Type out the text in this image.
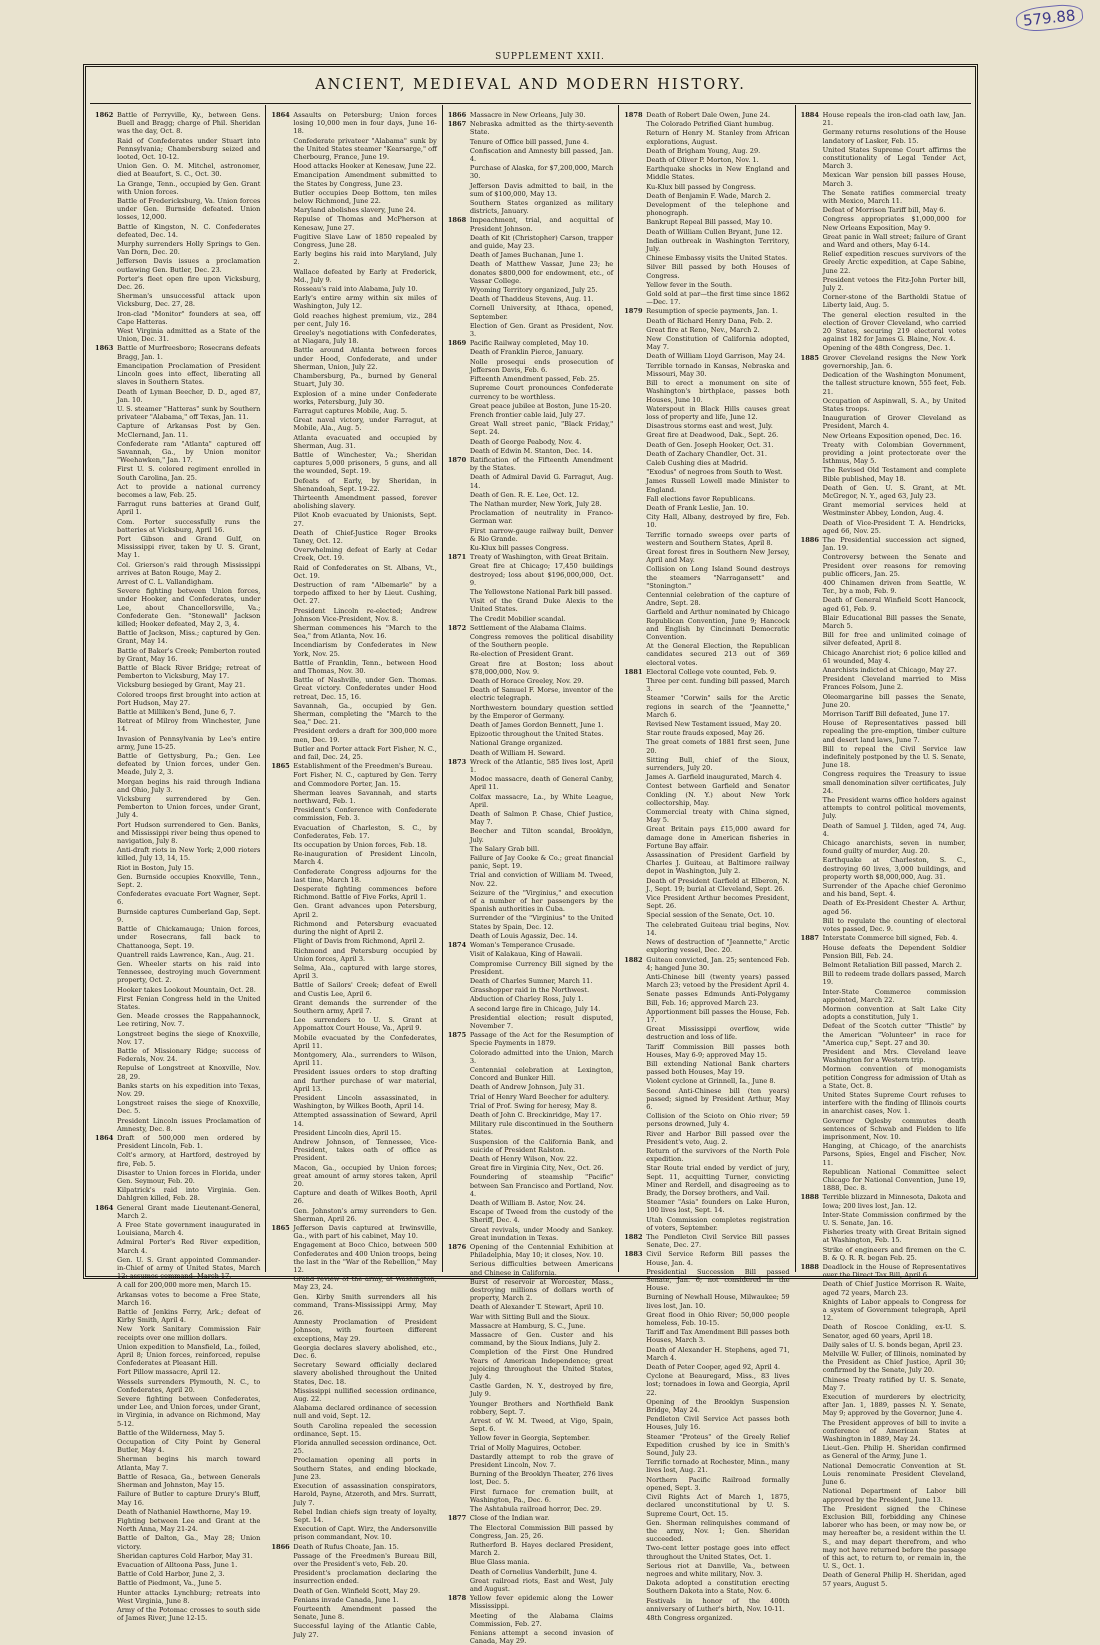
579.88
SUPPLEMENT XXII.
ANCIENT, MEDIEVAL AND MODERN HISTORY.
1862 Battle of Perryville, Ky., between Gens. Buell and Bragg; charge of Phil. Sheridan was the day, Oct. 8.
Raid of Confederates under Stuart into Pennsylvania; Chambersburg seized and looted, Oct. 10-12.
Union Gen. O. M. Mitchel, astronomer, died at Beaufort, S. C., Oct. 30.
La Grange, Tenn., occupied by Gen. Grant with Union forces.
Battle of Fredericksburg, Va. Union forces under Gen. Burnside defeated. Union losses, 12,000.
Battle of Kingston, N. C. Confederates defeated, Dec. 14.
Murphy surrenders Holly Springs to Gen. Van Dorn, Dec. 20.
Jefferson Davis issues a proclamation outlawing Gen. Butler, Dec. 23.
Porter's fleet open fire upon Vicksburg, Dec. 26.
Sherman's unsuccessful attack upon Vicksburg, Dec. 27, 28.
Iron-clad "Monitor" founders at sea, off Cape Hatteras.
West Virginia admitted as a State of the Union, Dec. 31.
1863 Battle of Murfreesboro; Rosecrans defeats Bragg, Jan. 1.
Emancipation Proclamation of President Lincoln goes into effect, liberating all slaves in Southern States.
Death of Lyman Beecher, D. D., aged 87, Jan. 10.
U. S. steamer "Hatteras" sunk by Southern privateer "Alabama," off Texas, Jan. 11.
Capture of Arkansas Post by Gen. McClernand, Jan. 11.
Confederate ram "Atlanta" captured off Savannah, Ga., by Union monitor "Weehawken," Jan. 17.
First U. S. colored regiment enrolled in South Carolina, Jan. 25.
Act to provide a national currency becomes a law, Feb. 25.
Farragut runs batteries at Grand Gulf, April 1.
Com. Porter successfully runs the batteries at Vicksburg, April 16.
Port Gibson and Grand Gulf, on Mississippi river, taken by U. S. Grant, May 1.
Col. Grierson's raid through Mississippi arrives at Baton Rouge, May 2.
Arrest of C. L. Vallandigham.
Severe fighting between Union forces, under Hooker, and Confederates, under Lee, about Chancellorsville, Va.; Confederate Gen. "Stonewall" Jackson killed; Hooker defeated, May 2, 3, 4.
Battle of Jackson, Miss.; captured by Gen. Grant, May 14.
Battle of Baker's Creek; Pemberton routed by Grant, May 16.
Battle of Black River Bridge; retreat of Pemberton to Vicksburg, May 17.
Vicksburg besieged by Grant, May 21.
Colored troops first brought into action at Port Hudson, May 27.
Battle at Milliken's Bend, June 6, 7.
Retreat of Milroy from Winchester, June 14.
Invasion of Pennsylvania by Lee's entire army, June 15-25.
Battle of Gettysburg, Pa.; Gen. Lee defeated by Union forces, under Gen. Meade, July 2, 3.
Morgan begins his raid through Indiana and Ohio, July 3.
Vicksburg surrendered by Gen. Pemberton to Union forces, under Grant, July 4.
Port Hudson surrendered to Gen. Banks, and Mississippi river being thus opened to navigation, July 8.
Anti-draft riots in New York; 2,000 rioters killed, July 13, 14, 15.
Riot in Boston, July 15.
Gen. Burnside occupies Knoxville, Tenn., Sept. 2.
Confederates evacuate Fort Wagner, Sept. 6.
Burnside captures Cumberland Gap, Sept. 9.
Battle of Chickamauga; Union forces, under Rosecrans, fall back to Chattanooga, Sept. 19.
Quantrell raids Lawrence, Kan., Aug. 21.
Gen. Wheeler starts on his raid into Tennessee, destroying much Government property, Oct. 2.
Hooker takes Lookout Mountain, Oct. 28.
First Fenian Congress held in the United States.
Gen. Meade crosses the Rappahannock, Lee retiring, Nov. 7.
Longstreet begins the siege of Knoxville, Nov. 17.
Battle of Missionary Ridge; success of Federals, Nov. 24.
Repulse of Longstreet at Knoxville, Nov. 28, 29.
Banks starts on his expedition into Texas, Nov. 29.
Longstreet raises the siege of Knoxville, Dec. 5.
President Lincoln issues Proclamation of Amnesty, Dec. 8.
1864 Draft of 500,000 men ordered by President Lincoln, Feb. 1.
Colt's armory, at Hartford, destroyed by fire, Feb. 5.
Disaster to Union forces in Florida, under Gen. Seymour, Feb. 20.
Kilpatrick's raid into Virginia. Gen. Dahlgren killed, Feb. 28.
1864 General Grant made Lieutenant-General, March 2.
A Free State government inaugurated in Louisiana, March 4.
Admiral Porter's Red River expedition, March 4.
Gen. U. S. Grant appointed Commander-in-Chief of army of United States, March 12; assumes command, March 17.
A call for 200,000 more men, March 15.
Arkansas votes to become a Free State, March 16.
Battle of Jenkins Ferry, Ark.; defeat of Kirby Smith, April 4.
New York Sanitary Commission Fair receipts over one million dollars.
Union expedition to Mansfield, La., foiled, April 8; Union forces, reinforced, repulse Confederates at Pleasant Hill.
Fort Pillow massacre, April 12.
Wessels surrenders Plymouth, N. C., to Confederates, April 20.
Severe fighting between Confederates, under Lee, and Union forces, under Grant, in Virginia, in advance on Richmond, May 5-12.
Battle of the Wilderness, May 5.
Occupation of City Point by General Butler, May 4.
Sherman begins his march toward Atlanta, May 7.
Battle of Resaca, Ga., between Generals Sherman and Johnston, May 15.
Failure of Butler to capture Drury's Bluff, May 16.
Death of Nathaniel Hawthorne, May 19.
Fighting between Lee and Grant at the North Anna, May 21-24.
Battle of Dalton, Ga., May 28; Union victory.
Sheridan captures Cold Harbor, May 31.
Evacuation of Alltoona Pass, June 1.
Battle of Cold Harbor, June 2, 3.
Battle of Piedmont, Va., June 5.
Hunter attacks Lynchburg; retreats into West Virginia, June 8.
Army of the Potomac crosses to south side of James River, June 12-15.
1864 Assaults on Petersburg; Union forces losing 10,000 men in four days, June 16-18.
Confederate privateer "Alabama" sunk by the United States steamer "Kearsarge," off Cherbourg, France, June 19.
Hood attacks Hooker at Kenesaw, June 22.
Emancipation Amendment submitted to the States by Congress, June 23.
Butler occupies Deep Bottom, ten miles below Richmond, June 22.
Maryland abolishes slavery, June 24.
Repulse of Thomas and McPherson at Kenesaw, June 27.
Fugitive Slave Law of 1850 repealed by Congress, June 28.
Early begins his raid into Maryland, July 2.
Wallace defeated by Early at Frederick, Md., July 9.
Rosseau's raid into Alabama, July 10.
Early's entire army within six miles of Washington, July 12.
Gold reaches highest premium, viz., 284 per cent, July 16.
Greeley's negotiations with Confederates, at Niagara, July 18.
Battle around Atlanta between forces under Hood, Confederate, and under Sherman, Union, July 22.
Chambersburg, Pa., burned by General Stuart, July 30.
Explosion of a mine under Confederate works, Petersburg, July 30.
Farragut captures Mobile, Aug. 5.
Great naval victory, under Farragut, at Mobile, Ala., Aug. 5.
Atlanta evacuated and occupied by Sherman, Aug. 31.
Battle of Winchester, Va.; Sheridan captures 5,000 prisoners, 5 guns, and all the wounded, Sept. 19.
Defeats of Early, by Sheridan, in Shenandoah, Sept. 19-22.
Thirteenth Amendment passed, forever abolishing slavery.
Pilot Knob evacuated by Unionists, Sept. 27.
Death of Chief-Justice Roger Brooks Taney, Oct. 12.
Overwhelming defeat of Early at Cedar Creek, Oct. 19.
Raid of Confederates on St. Albans, Vt., Oct. 19.
Destruction of ram "Albemarle" by a torpedo affixed to her by Lieut. Cushing, Oct. 27.
President Lincoln re-elected; Andrew Johnson Vice-President, Nov. 8.
Sherman commences his "March to the Sea," from Atlanta, Nov. 16.
Incendiarism by Confederates in New York, Nov. 25.
Battle of Franklin, Tenn., between Hood and Thomas, Nov. 30.
Battle of Nashville, under Gen. Thomas. Great victory. Confederates under Hood retreat, Dec. 15, 16.
Savannah, Ga., occupied by Gen. Sherman, completing the "March to the Sea," Dec. 21.
President orders a draft for 300,000 more men, Dec. 19.
Butler and Porter attack Fort Fisher, N. C., and fail, Dec. 24, 25.
1865 Establishment of the Freedmen's Bureau.
Fort Fisher, N. C., captured by Gen. Terry and Commodore Porter, Jan. 15.
Sherman leaves Savannah, and starts northward, Feb. 1.
President's Conference with Confederate commission, Feb. 3.
Evacuation of Charleston, S. C., by Confederates, Feb. 17.
Its occupation by Union forces, Feb. 18.
Re-inauguration of President Lincoln, March 4.
Confederate Congress adjourns for the last time, March 18.
Desperate fighting commences before Richmond. Battle of Five Forks, April 1.
Gen. Grant advances upon Petersburg, April 2.
Richmond and Petersburg evacuated during the night of April 2.
Flight of Davis from Richmond, April 2.
Richmond and Petersburg occupied by Union forces, April 3.
Selma, Ala., captured with large stores, April 3.
Battle of Sailors' Creek; defeat of Ewell and Custis Lee, April 6.
Grant demands the surrender of the Southern army, April 7.
Lee surrenders to U. S. Grant at Appomattox Court House, Va., April 9.
Mobile evacuated by the Confederates, April 11.
Montgomery, Ala., surrenders to Wilson, April 11.
President issues orders to stop drafting and further purchase of war material, April 13.
President Lincoln assassinated, in Washington, by Wilkes Booth, April 14.
Attempted assassination of Seward, April 14.
President Lincoln dies, April 15.
Andrew Johnson, of Tennessee, Vice-President, takes oath of office as President.
Macon, Ga., occupied by Union forces; great amount of army stores taken, April 20.
Capture and death of Wilkes Booth, April 26.
Gen. Johnston's army surrenders to Gen. Sherman, April 26.
1865 Jefferson Davis captured at Irwinsville, Ga., with part of his cabinet, May 10.
Engagement at Boco Chico, between 500 Confederates and 400 Union troops, being the last in the "War of the Rebellion," May 12.
Grand review of the army, at Washington, May 23, 24.
Gen. Kirby Smith surrenders all his command, Trans-Mississippi Army, May 26.
Amnesty Proclamation of President Johnson, with fourteen different exceptions, May 29.
Georgia declares slavery abolished, etc., Dec. 6.
Secretary Seward officially declared slavery abolished throughout the United States, Dec. 18.
Mississippi nullified secession ordinance, Aug. 22.
Alabama declared ordinance of secession null and void, Sept. 12.
South Carolina repealed the secession ordinance, Sept. 15.
Florida annulled secession ordinance, Oct. 25.
Proclamation opening all ports in Southern States, and ending blockade, June 23.
Execution of assassination conspirators, Harold, Payne, Atzeroth, and Mrs. Surratt, July 7.
Rebel Indian chiefs sign treaty of loyalty, Sept. 14.
Execution of Capt. Wirz, the Andersonville prison commandant, Nov. 10.
1866 Death of Rufus Choate, Jan. 15.
Passage of the Freedmen's Bureau Bill, over the President's veto, Feb. 20.
President's proclamation declaring the insurrection ended.
Death of Gen. Winfield Scott, May 29.
Fenians invade Canada, June 1.
Fourteenth Amendment passed the Senate, June 8.
Successful laying of the Atlantic Cable, July 27.
1866 Massacre in New Orleans, July 30.
1867 Nebraska admitted as the thirty-seventh State.
Tenure of Office bill passed, June 4.
Confiscation and Amnesty bill passed, Jan. 4.
Purchase of Alaska, for $7,200,000, March 30.
Jefferson Davis admitted to bail, in the sum of $100,000, May 13.
Southern States organized as military districts, January.
1868 Impeachment, trial, and acquittal of President Johnson.
Death of Kit (Christopher) Carson, trapper and guide, May 23.
Death of James Buchanan, June 1.
Death of Matthew Vassar, June 23; he donates $800,000 for endowment, etc., of Vassar College.
Wyoming Territory organized, July 25.
Death of Thaddeus Stevens, Aug. 11.
Cornell University, at Ithaca, opened, September.
Election of Gen. Grant as President, Nov. 3.
1869 Pacific Railway completed, May 10.
Death of Franklin Pierce, January.
Nolle prosequi ends prosecution of Jefferson Davis, Feb. 6.
Fifteenth Amendment passed, Feb. 25.
Supreme Court pronounces Confederate currency to be worthless.
Great peace jubilee at Boston, June 15-20.
French frontier cable laid, July 27.
Great Wall street panic, "Black Friday," Sept. 24.
Death of George Peabody, Nov. 4.
Death of Edwin M. Stanton, Dec. 14.
1870 Ratification of the Fifteenth Amendment by the States.
Death of Admiral David G. Farragut, Aug. 14.
Death of Gen. R. E. Lee, Oct. 12.
The Nathan murder, New York, July 28.
Proclamation of neutrality in Franco-German war.
First narrow-gauge railway built, Denver & Rio Grande.
Ku-Klux bill passes Congress.
1871 Treaty of Washington, with Great Britain.
Great fire at Chicago; 17,450 buildings destroyed; loss about $196,000,000, Oct. 9.
The Yellowstone National Park bill passed.
Visit of the Grand Duke Alexis to the United States.
The Credit Mobilier scandal.
1872 Settlement of the Alabama Claims.
Congress removes the political disability of the Southern people.
Re-election of President Grant.
Great fire at Boston; loss about $78,000,000, Nov. 9.
Death of Horace Greeley, Nov. 29.
Death of Samuel F. Morse, inventor of the electric telegraph.
Northwestern boundary question settled by the Emperor of Germany.
Death of James Gordon Bennett, June 1.
Epizootic throughout the United States.
National Grange organized.
Death of William H. Seward.
1873 Wreck of the Atlantic, 585 lives lost, April 1.
Modoc massacre, death of General Canby, April 11.
Colfax massacre, La., by White League, April.
Death of Salmon P. Chase, Chief Justice, May 7.
Beecher and Tilton scandal, Brooklyn, July.
The Salary Grab bill.
Failure of Jay Cooke & Co.; great financial panic, Sept. 19.
Trial and conviction of William M. Tweed, Nov. 22.
Seizure of the "Virginius," and execution of a number of her passengers by the Spanish authorities in Cuba.
Surrender of the "Virginius" to the United States by Spain, Dec. 12.
Death of Louis Agassiz, Dec. 14.
1874 Woman's Temperance Crusade.
Visit of Kalakaua, King of Hawaii.
Compromise Currency Bill signed by the President.
Death of Charles Sumner, March 11.
Grasshopper raid in the Northwest.
Abduction of Charley Ross, July 1.
A second large fire in Chicago, July 14.
Presidential election; result disputed, November 7.
1875 Passage of the Act for the Resumption of Specie Payments in 1879.
Colorado admitted into the Union, March 3.
Centennial celebration at Lexington, Concord and Bunker Hill.
Death of Andrew Johnson, July 31.
Trial of Henry Ward Beecher for adultery.
Trial of Prof. Swing for heresy, May 8.
Death of John C. Breckinridge, May 17.
Military rule discontinued in the Southern States.
Suspension of the California Bank, and suicide of President Ralston.
Death of Henry Wilson, Nov. 22.
Great fire in Virginia City, Nev., Oct. 26.
Foundering of steamship "Pacific" between San Francisco and Portland, Nov. 4.
Death of William B. Astor, Nov. 24.
Escape of Tweed from the custody of the Sheriff, Dec. 4.
Great revivals, under Moody and Sankey. Great inundation in Texas.
1876 Opening of the Centennial Exhibition at Philadelphia, May 10; it closes, Nov. 10.
Serious difficulties between Americans and Chinese in California.
Burst of reservoir at Worcester, Mass., destroying millions of dollars worth of property, March 2.
Death of Alexander T. Stewart, April 10.
War with Sitting Bull and the Sioux.
Massacre at Hamburg, S. C., June.
Massacre of Gen. Custer and his command, by the Sioux Indians, July 2.
Completion of the First One Hundred Years of American Independence; great rejoicing throughout the United States, July 4.
Castle Garden, N. Y., destroyed by fire, July 9.
Younger Brothers and Northfield Bank robbery, Sept. 7.
Arrest of W. M. Tweed, at Vigo, Spain, Sept. 6.
Yellow fever in Georgia, September.
Trial of Molly Maguires, October.
Dastardly attempt to rob the grave of President Lincoln, Nov. 7.
Burning of the Brooklyn Theater, 276 lives lost, Dec. 5.
First furnace for cremation built, at Washington, Pa., Dec. 6.
The Ashtabula railroad horror, Dec. 29.
1877 Close of the Indian war.
The Electoral Commission Bill passed by Congress, Jan. 25, 26.
Rutherford B. Hayes declared President, March 2.
Blue Glass mania.
Death of Cornelius Vanderbilt, June 4.
Great railroad riots, East and West, July and August.
1878 Yellow fever epidemic along the Lower Mississippi.
Meeting of the Alabama Claims Commission, Feb. 27.
Fenians attempt a second invasion of Canada, May 29.
1878 Death of Robert Dale Owen, June 24.
The Colorado Petrified Giant humbug.
Return of Henry M. Stanley from African explorations, August.
Death of Brigham Young, Aug. 29.
Death of Oliver P. Morton, Nov. 1.
Earthquake shocks in New England and Middle States.
Ku-Klux bill passed by Congress.
Death of Benjamin F. Wade, March 2.
Development of the telephone and phonograph.
Bankrupt Repeal Bill passed, May 10.
Death of William Cullen Bryant, June 12.
Indian outbreak in Washington Territory, July.
Chinese Embassy visits the United States.
Silver Bill passed by both Houses of Congress.
Yellow fever in the South.
Gold sold at par—the first time since 1862—Dec. 17.
1879 Resumption of specie payments, Jan. 1.
Death of Richard Henry Dana, Feb. 2.
Great fire at Reno, Nev., March 2.
New Constitution of California adopted, May 7.
Death of William Lloyd Garrison, May 24.
Terrible tornado in Kansas, Nebraska and Missouri, May 30.
Bill to erect a monument on site of Washington's birthplace, passes both Houses, June 10.
Waterspout in Black Hills causes great loss of property and life, June 12.
Disastrous storms east and west, July.
Great fire at Deadwood, Dak., Sept. 26.
Death of Gen. Joseph Hooker, Oct. 31.
Death of Zachary Chandler, Oct. 31.
Caleb Cushing dies at Madrid.
"Exodus" of negroes from South to West.
James Russell Lowell made Minister to England.
Fall elections favor Republicans.
Death of Frank Leslie, Jan. 10.
City Hall, Albany, destroyed by fire, Feb. 10.
Terrific tornado sweeps over parts of western and Southern States, April 8.
Great forest fires in Southern New Jersey, April and May.
Collision on Long Island Sound destroys the steamers "Narragansett" and "Stonington."
Centennial celebration of the capture of Andre, Sept. 28.
Garfield and Arthur nominated by Chicago Republican Convention, June 9; Hancock and English by Cincinnati Democratic Convention.
At the General Election, the Republican candidates secured 213 out of 369 electoral votes.
1881 Electoral College vote counted, Feb. 9.
Three per cent. funding bill passed, March 3.
Steamer "Corwin" sails for the Arctic regions in search of the "Jeannette," March 6.
Revised New Testament issued, May 20.
Star route frauds exposed, May 26.
The great comets of 1881 first seen, June 20.
Sitting Bull, chief of the Sioux, surrenders, July 20.
James A. Garfield inaugurated, March 4.
Contest between Garfield and Senator Conkling (N. Y.) about New York collectorship, May.
Commercial treaty with China signed, May 5.
Great Britain pays £15,000 award for damage done in American fisheries in Fortune Bay affair.
Assassination of President Garfield by Charles J. Guiteau, at Baltimore railway depot in Washington, July 2.
Death of President Garfield at Elberon, N. J., Sept. 19; burial at Cleveland, Sept. 26.
Vice President Arthur becomes President, Sept. 26.
Special session of the Senate, Oct. 10.
The celebrated Guiteau trial begins, Nov. 14.
News of destruction of "Jeannette," Arctic exploring vessel, Dec. 20.
1882 Guiteau convicted, Jan. 25; sentenced Feb. 4; hanged June 30.
Anti-Chinese bill (twenty years) passed March 23; vetoed by the President April 4.
Senate passes Edmunds Anti-Polygamy Bill, Feb. 16; approved March 23.
Apportionment bill passes the House, Feb. 17.
Great Mississippi overflow, wide destruction and loss of life.
Tariff Commission Bill passes both Houses, May 6-9; approved May 15.
Bill extending National Bank charters passed both Houses, May 19.
Violent cyclone at Grinnell, Ia., June 8.
Second Anti-Chinese bill (ten years) passed; signed by President Arthur, May 6.
Collision of the Scioto on Ohio river; 59 persons drowned, July 4.
River and Harbor Bill passed over the President's veto, Aug. 2.
Return of the survivors of the North Pole expedition.
Star Route trial ended by verdict of jury, Sept. 11, acquitting Turner, convicting Miner and Rerdell, and disagreeing as to Brady, the Dorsey brothers, and Vail.
Steamer "Asia" founders on Lake Huron, 100 lives lost, Sept. 14.
Utah Commission completes registration of voters, September.
1882 The Pendleton Civil Service Bill passes Senate, Dec. 27.
1883 Civil Service Reform Bill passes the House, Jan. 4.
Presidential Succession Bill passed Senate, Jan. 6; not considered in the House.
Burning of Newhall House, Milwaukee; 59 lives lost, Jan. 10.
Great flood in Ohio River; 50,000 people homeless, Feb. 10-15.
Tariff and Tax Amendment Bill passes both Houses, March 3.
Death of Alexander H. Stephens, aged 71, March 4.
Death of Peter Cooper, aged 92, April 4.
Cyclone at Beauregard, Miss., 83 lives lost; tornadoes in Iowa and Georgia, April 22.
Opening of the Brooklyn Suspension Bridge, May 24.
Pendleton Civil Service Act passes both Houses, July 16.
Steamer "Proteus" of the Greely Relief Expedition crushed by ice in Smith's Sound, July 23.
Terrific tornado at Rochester, Minn., many lives lost, Aug. 21.
Northern Pacific Railroad formally opened, Sept. 3.
Civil Rights Act of March 1, 1875, declared unconstitutional by U. S. Supreme Court, Oct. 15.
Gen. Sherman relinquishes command of the army, Nov. 1; Gen. Sheridan succeeded.
Two-cent letter postage goes into effect throughout the United States, Oct. 1.
Serious riot at Danville, Va., between negroes and white military, Nov. 3.
Dakota adopted a constitution erecting Southern Dakota into a State, Nov. 6.
Festivals in honor of the 400th anniversary of Luther's birth, Nov. 10-11.
48th Congress organized.
1884 House repeals the iron-clad oath law, Jan. 21.
Germany returns resolutions of the House landatory of Lasker, Feb. 15.
United States Supreme Court affirms the constitutionality of Legal Tender Act, March 3.
Mexican War pension bill passes House, March 3.
The Senate ratifies commercial treaty with Mexico, March 11.
Defeat of Morrison Tariff bill, May 6.
Congress appropriates $1,000,000 for New Orleans Exposition, May 9.
Great panic in Wall street; failure of Grant and Ward and others, May 6-14.
Relief expedition rescues survivors of the Greely Arctic expedition, at Cape Sabine, June 22.
President vetoes the Fitz-John Porter bill, July 2.
Corner-stone of the Bartholdi Statue of Liberty laid, Aug. 5.
The general election resulted in the election of Grover Cleveland, who carried 20 States, securing 219 electoral votes against 182 for James G. Blaine, Nov. 4.
Opening of the 48th Congress, Dec. 1.
1885 Grover Cleveland resigns the New York governorship, Jan. 6.
Dedication of the Washington Monument, the tallest structure known, 555 feet, Feb. 21.
Occupation of Aspinwall, S. A., by United States troops.
Inauguration of Grover Cleveland as President, March 4.
New Orleans Exposition opened, Dec. 16.
Treaty with Colombian Government, providing a joint protectorate over the Isthmus, May 5.
The Revised Old Testament and complete Bible published, May 18.
Death of Gen. U. S. Grant, at Mt. McGregor, N. Y., aged 63, July 23.
Grant memorial services held at Westminster Abbey, London, Aug. 4.
Death of Vice-President T. A. Hendricks, aged 66, Nov. 25.
1886 The Presidential succession act signed, Jan. 19.
Controversy between the Senate and President over reasons for removing public officers, Jan. 25.
400 Chinamen driven from Seattle, W. Ter., by a mob, Feb. 9.
Death of General Winfield Scott Hancock, aged 61, Feb. 9.
Blair Educational Bill passes the Senate, March 5.
Bill for free and unlimited coinage of silver defeated, April 8.
Chicago Anarchist riot; 6 police killed and 61 wounded, May 4.
Anarchists indicted at Chicago, May 27.
President Cleveland married to Miss Frances Folsom, June 2.
Oleomargarine bill passes the Senate, June 20.
Morrison Tariff Bill defeated, June 17.
House of Representatives passed bill repealing the pre-emption, timber culture and desert land laws, June 7.
Bill to repeal the Civil Service law indefinitely postponed by the U. S. Senate, June 18.
Congress requires the Treasury to issue small denomination silver certificates, July 24.
The President warns office holders against attempts to control political movements, July.
Death of Samuel J. Tilden, aged 74, Aug. 4.
Chicago anarchists, seven in number, found guilty of murder, Aug. 20.
Earthquake at Charleston, S. C., destroying 60 lives, 3,000 buildings, and property worth $8,000,000, Aug. 31.
Surrender of the Apache chief Geronimo and his band, Sept. 4.
Death of Ex-President Chester A. Arthur, aged 56.
Bill to regulate the counting of electoral votes passed, Dec. 9.
1887 Interstate Commerce bill signed, Feb. 4.
House defeats the Dependent Soldier Pension Bill, Feb. 24.
Belmont Retaliation Bill passed, March 2.
Bill to redeem trade dollars passed, March 19.
Inter-State Commerce commission appointed, March 22.
Mormon convention at Salt Lake City adopts a constitution, July 1.
Defeat of the Scotch cutter "Thistle" by the American "Volunteer" in race for "America cup," Sept. 27 and 30.
President and Mrs. Cleveland leave Washington for a Western trip.
Mormon convention of monogamists petition Congress for admission of Utah as a State, Oct. 8.
United States Supreme Court refuses to interfere with the finding of Illinois courts in anarchist cases, Nov. 1.
Governor Oglesby commutes death sentences of Schwab and Fielden to life imprisonment, Nov. 10.
Hanging, at Chicago, of the anarchists Parsons, Spies, Engel and Fischer, Nov. 11.
Republican National Committee select Chicago for National Convention, June 19, 1888, Dec. 8.
1888 Terrible blizzard in Minnesota, Dakota and Iowa; 200 lives lost, Jan. 12.
Inter-State Commission confirmed by the U. S. Senate, Jan. 16.
Fisheries treaty with Great Britain signed at Washington, Feb. 15.
Strike of engineers and firemen on the C. B. & Q. R. R. began Feb. 25.
1888 Deadlock in the House of Representatives over the Direct Tax Bill, April 6.
Death of Chief Justice Morrison R. Waite, aged 72 years, March 23.
Knights of Labor appeals to Congress for a system of Government telegraph, April 12.
Death of Roscoe Conkling, ex-U. S. Senator, aged 60 years, April 18.
Daily sales of U. S. bonds began, April 23.
Melville W. Fuller, of Illinois, nominated by the President as Chief Justice, April 30; confirmed by the Senate, July 20.
Chinese Treaty ratified by U. S. Senate, May 7.
Execution of murderers by electricity, after Jan. 1, 1889, passes N. Y. Senate, May 9; approved by the Governor, June 4.
The President approves of bill to invite a conference of American States at Washington in 1889, May 24.
Lieut.-Gen. Philip H. Sheridan confirmed as General of the Army, June 1.
National Democratic Convention at St. Louis renominate President Cleveland, June 6.
National Department of Labor bill approved by the President, June 13.
The President signed the Chinese Exclusion Bill, forbidding any Chinese laborer who has been, or may now be, or may hereafter be, a resident within the U. S., and may depart therefrom, and who may not have returned before the passage of this act, to return to, or remain in, the U. S., Oct. 1.
Death of General Philip H. Sheridan, aged 57 years, August 5.
